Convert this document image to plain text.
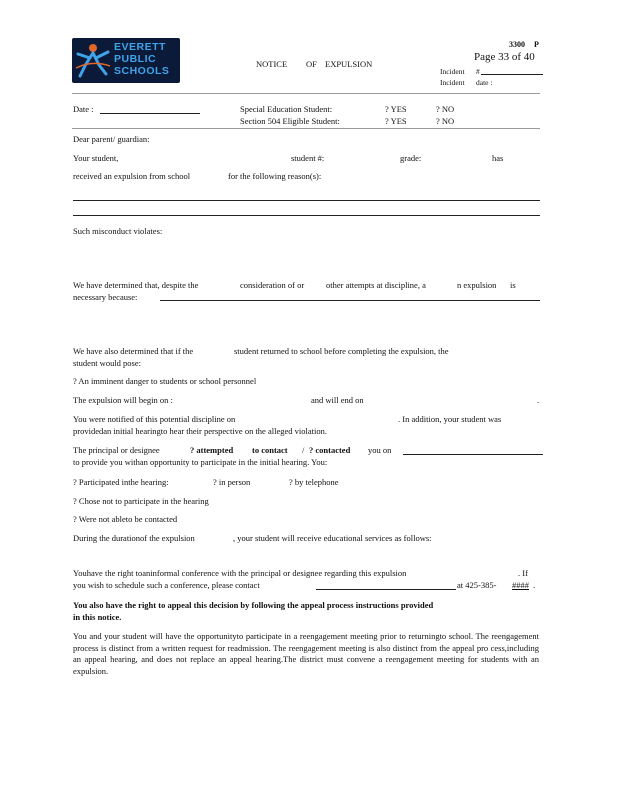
EVERETT
PUBLIC
SCHOOLS
3300 P
Page 33 of 40
NOTICE OF EXPULSION
Incident #
Incident date :
Date :	Special Education Student:	? YES	? NO
Section 504 Eligible Student:	? YES	? NO
Dear parent/ guardian:
Your student,	student #:	grade:	has
received an expulsion from school	for the following reason(s):
Such misconduct violates:
We have determined that, despite the	consideration of or	other attempts at discipline, a	n expulsion is
necessary because:
We have also determined that if the	student returned to school before completing the expulsion, the
student would pose:
? An imminent danger to students or school personnel
The expulsion will begin on :	and will end on	.
You were notified of this potential discipline on	. In addition, your student was
providedan initial hearingto hear their perspective on the alleged violation.
The principal or designee	? attempted to contact / ? contacted you on
to provide you withan opportunity to participate in the initial hearing. You:
? Participated inthe hearing:	? in person	? by telephone
? Chose not to participate in the hearing
? Were not ableto be contacted
During the durationof the expulsion	, your student will receive educational services as follows:
Youhave the right toaninformal conference with the principal or designee regarding this expulsion	. If
you wish to schedule such a conference, please contact	at 425-385- #### .
You also have the right to appeal this decision by following the appeal process instructions provided
in this notice.
You and your student will have the opportunityto participate in a reengagement meeting prior to returningto school. The reengagement process is distinct from a written request for readmission. The reengagement meeting is also distinct from the appeal pro cess,including an appeal hearing, and does not replace an appeal hearing.The district must convene a reengagement meeting for students with an expulsion.
